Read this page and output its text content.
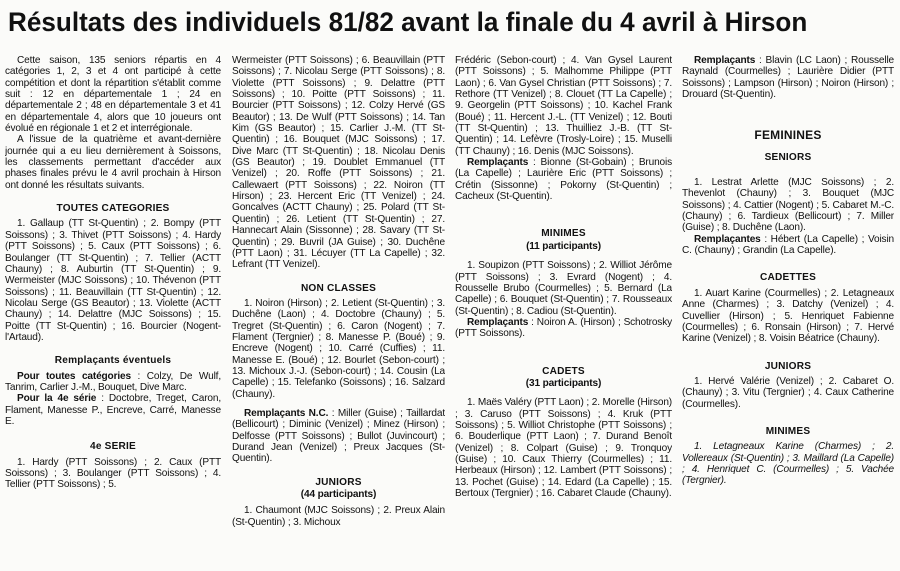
Résultats des individuels 81/82 avant la finale du 4 avril à Hirson

Cette saison, 135 seniors répartis en 4 catégories 1, 2, 3 et 4 ont participé à cette compétition et dont la répartition s'établit comme suit : 12 en départementale 1 ; 24 en départementale 2 ; 48 en départementale 3 et 41 en départementale 4, alors que 10 joueurs ont évolué en régionale 1 et 2 et interrégionale.

A l'issue de la quatrième et avant-dernière journée qui a eu lieu dernièrement à Soissons, les classements permettant d'accéder aux phases finales prévu le 4 avril prochain à Hirson ont donné les résultats suivants.

TOUTES CATEGORIES

1. Gallaup (TT St-Quentin) ; 2. Bompy (PTT Soissons) ; 3. Thivet (PTT Soissons) ; 4. Hardy (PTT Soissons) ; 5. Caux (PTT Soissons) ; 6. Boulanger (TT St-Quentin) ; 7. Tellier (ACTT Chauny) ; 8. Auburtin (TT St-Quentin) ; 9. Wermeister (MJC Soissons) ; 10. Thévenon (PTT Soissons) ; 11. Beauvillain (TT St-Quentin) ; 12. Nicolau Serge (GS Beautor) ; 13. Violette (ACTT Chauny) ; 14. Delattre (MJC Soissons) ; 15. Poitte (TT St-Quentin) ; 16. Bourcier (Nogent-l'Artaud).

Remplaçants éventuels

Pour toutes catégories : Colzy, De Wulf, Tanrim, Carlier J.-M., Bouquet, Dive Marc.

Pour la 4e série : Doctobre, Treget, Caron, Flament, Manesse P., Encreve, Carré, Manesse E.

4e SERIE

1. Hardy (PTT Soissons) ; 2. Caux (PTT Soissons) ; 3. Boulanger (PTT Soissons) ; 4. Tellier (PTT Soissons) ; 5.

Wermeister (PTT Soissons) ; 6. Beauvillain (PTT Soissons) ; 7. Nicolau Serge (PTT Soissons) ; 8. Violette (PTT Soissons) ; 9. Delattre (PTT Soissons) ; 10. Poitte (PTT Soissons) ; 11. Bourcier (PTT Soissons) ; 12. Colzy Hervé (GS Beautor) ; 13. De Wulf (PTT Soissons) ; 14. Tan Kim (GS Beautor) ; 15. Carlier J.-M. (TT St-Quentin) ; 16. Bouquet (MJC Soissons) ; 17. Dive Marc (TT St-Quentin) ; 18. Nicolau Denis (GS Beautor) ; 19. Doublet Emmanuel (TT Venizel) ; 20. Roffe (PTT Soissons) ; 21. Callewaert (PTT Soissons) ; 22. Noiron (TT Hirson) ; 23. Hercent Eric (TT Venizel) ; 24. Goncalves (ACTT Chauny) ; 25. Polard (TT St-Quentin) ; 26. Letient (TT St-Quentin) ; 27. Hannecart Alain (Sissonne) ; 28. Savary (TT St-Quentin) ; 29. Buvril (JA Guise) ; 30. Duchêne (PTT Laon) ; 31. Lécuyer (TT La Capelle) ; 32. Lefrant (TT Venizel).

NON CLASSES

1. Noiron (Hirson) ; 2. Letient (St-Quentin) ; 3. Duchêne (Laon) ; 4. Doctobre (Chauny) ; 5. Tregret (St-Quentin) ; 6. Caron (Nogent) ; 7. Flament (Tergnier) ; 8. Manesse P. (Boué) ; 9. Encreve (Nogent) ; 10. Carré (Cuffies) ; 11. Manesse E. (Boué) ; 12. Bourlet (Sebon-court) ; 13. Michoux J.-J. (Sebon-court) ; 14. Cousin (La Capelle) ; 15. Telefanko (Soissons) ; 16. Salzard (Chauny).

Remplaçants N.C. : Miller (Guise) ; Taillardat (Bellicourt) ; Diminic (Venizel) ; Minez (Hirson) ; Delfosse (PTT Soissons) ; Bullot (Juvincourt) ; Durand Jean (Venizel) ; Preux Jacques (St-Quentin).

JUNIORS
(44 participants)

1. Chaumont (MJC Soissons) ; 2. Preux Alain (St-Quentin) ; 3. Michoux

Frédéric (Sebon-court) ; 4. Van Gysel Laurent (PTT Soissons) ; 5. Malhomme Philippe (PTT Laon) ; 6. Van Gysel Christian (PTT Soissons) ; 7. Rethore (TT Venizel) ; 8. Clouet (TT La Capelle) ; 9. Georgelin (PTT Soissons) ; 10. Kachel Frank (Boué) ; 11. Hercent J.-L. (TT Venizel) ; 12. Bouti (TT St-Quentin) ; 13. Thuilliez J.-B. (TT St-Quentin) ; 14. Lefèvre (Trosly-Loire) ; 15. Muselli (TT Chauny) ; 16. Denis (MJC Soissons).

Remplaçants : Bionne (St-Gobain) ; Brunois (La Capelle) ; Laurière Eric (PTT Soissons) ; Crétin (Sissonne) ; Pokorny (St-Quentin) ; Cacheux (St-Quentin).

MINIMES
(11 participants)

1. Soupizon (PTT Soissons) ; 2. Williot Jérôme (PTT Soissons) ; 3. Evrard (Nogent) ; 4. Rousselle Brubo (Courmelles) ; 5. Bernard (La Capelle) ; 6. Bouquet (St-Quentin) ; 7. Rousseaux (St-Quentin) ; 8. Cadiou (St-Quentin).

Remplaçants : Noiron A. (Hirson) ; Schotrosky (PTT Soissons).

CADETS
(31 participants)

1. Maës Valéry (PTT Laon) ; 2. Morelle (Hirson) ; 3. Caruso (PTT Soissons) ; 4. Kruk (PTT Soissons) ; 5. Williot Christophe (PTT Soissons) ; 6. Bouderlique (PTT Laon) ; 7. Durand Benoît (Venizel) ; 8. Colpart (Guise) ; 9. Tronquoy (Guise) ; 10. Caux Thierry (Courmelles) ; 11. Herbeaux (Hirson) ; 12. Lambert (PTT Soissons) ; 13. Pochet (Guise) ; 14. Edard (La Capelle) ; 15. Bertoux (Tergnier) ; 16. Cabaret Claude (Chauny).

Remplaçants : Blavin (LC Laon) ; Rousselle Raynald (Courmelles) ; Laurière Didier (PTT Soissons) ; Lampson (Hirson) ; Noiron (Hirson) ; Drouard (St-Quentin).

FEMININES
SENIORS

1. Lestrat Arlette (MJC Soissons) ; 2. Thevenlot (Chauny) ; 3. Bouquet (MJC Soissons) ; 4. Cattier (Nogent) ; 5. Cabaret M.-C. (Chauny) ; 6. Tardieux (Bellicourt) ; 7. Miller (Guise) ; 8. Duchêne (Laon).

Remplaçantes : Hébert (La Capelle) ; Voisin C. (Chauny) ; Grandin (La Capelle).

CADETTES

1. Auart Karine (Courmelles) ; 2. Letagneaux Anne (Charmes) ; 3. Datchy (Venizel) ; 4. Cuvellier (Hirson) ; 5. Henriquet Fabienne (Courmelles) ; 6. Ronsain (Hirson) ; 7. Hervé Karine (Venizel) ; 8. Voisin Béatrice (Chauny).

JUNIORS

1. Hervé Valérie (Venizel) ; 2. Cabaret O. (Chauny) ; 3. Vitu (Tergnier) ; 4. Caux Catherine (Courmelles).

MINIMES

1. Letagneaux Karine (Charmes) ; 2. Vollereaux (St-Quentin) ; 3. Maillard (La Capelle) ; 4. Henriquet C. (Courmelles) ; 5. Vachée (Tergnier).
